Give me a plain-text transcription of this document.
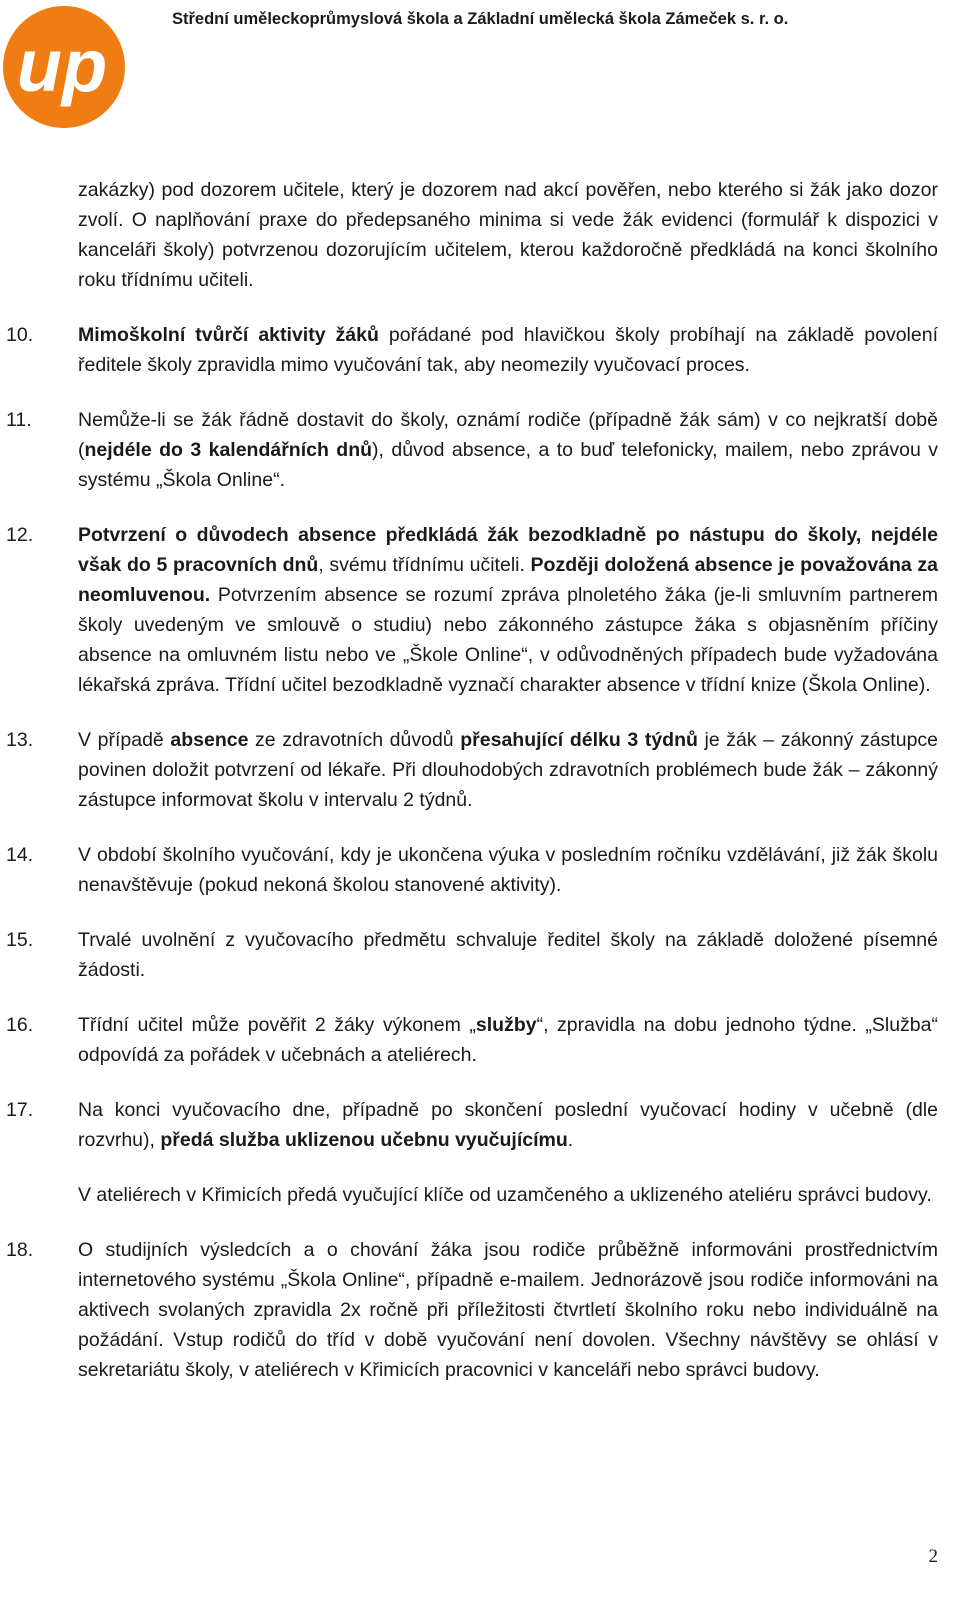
up
Střední uměleckoprůmyslová škola a Základní umělecká škola Zámeček s. r. o.
zakázky) pod dozorem učitele, který je dozorem nad akcí pověřen, nebo kterého si žák jako dozor zvolí. O naplňování praxe do předepsaného minima si vede žák evidenci (formulář k dispozici v kanceláři školy) potvrzenou dozorujícím učitelem, kterou každoročně předkládá na konci školního roku třídnímu učiteli.
10.	Mimoškolní tvůrčí aktivity žáků pořádané pod hlavičkou školy probíhají na základě povolení ředitele školy zpravidla mimo vyučování tak, aby neomezily vyučovací proces.
11.	Nemůže-li se žák řádně dostavit do školy, oznámí rodiče (případně žák sám) v co nejkratší době (nejdéle do 3 kalendářních dnů), důvod absence, a to buď telefonicky, mailem, nebo zprávou v systému „Škola Online“.
12.	Potvrzení o důvodech absence předkládá žák bezodkladně po nástupu do školy, nejdéle však do 5 pracovních dnů, svému třídnímu učiteli. Později doložená absence je považována za neomluvenou. Potvrzením absence se rozumí zpráva plnoletého žáka (je-li smluvním partnerem školy uvedeným ve smlouvě o studiu) nebo zákonného zástupce žáka s objasněním příčiny absence na omluvném listu nebo ve „Škole Online“, v odůvodněných případech bude vyžadována lékařská zpráva. Třídní učitel bezodkladně vyznačí charakter absence v třídní knize (Škola Online).
13.	V případě absence ze zdravotních důvodů přesahující délku 3 týdnů je žák – zákonný zástupce povinen doložit potvrzení od lékaře. Při dlouhodobých zdravotních problémech bude žák – zákonný zástupce informovat školu v intervalu 2 týdnů.
14.	V období školního vyučování, kdy je ukončena výuka v posledním ročníku vzdělávání, již žák školu nenavštěvuje (pokud nekoná školou stanovené aktivity).
15.	Trvalé uvolnění z vyučovacího předmětu schvaluje ředitel školy na základě doložené písemné žádosti.
16.	Třídní učitel může pověřit 2 žáky výkonem „služby“, zpravidla na dobu jednoho týdne. „Služba“ odpovídá za pořádek v učebnách a ateliérech.
17.	Na konci vyučovacího dne, případně po skončení poslední vyučovací hodiny v učebně (dle rozvrhu), předá služba uklizenou učebnu vyučujícímu.
V ateliérech v Křimicích předá vyučující klíče od uzamčeného a uklizeného ateliéru správci budovy.
18.	O studijních výsledcích a o chování žáka jsou rodiče průběžně informováni prostřednictvím internetového systému „Škola Online“, případně e-mailem. Jednorázově jsou rodiče informováni na aktivech svolaných zpravidla 2x ročně při příležitosti čtvrtletí školního roku nebo individuálně na požádání. Vstup rodičů do tříd v době vyučování není dovolen. Všechny návštěvy se ohlásí v sekretariátu školy, v ateliérech v Křimicích pracovnici v kanceláři nebo správci budovy.
2
